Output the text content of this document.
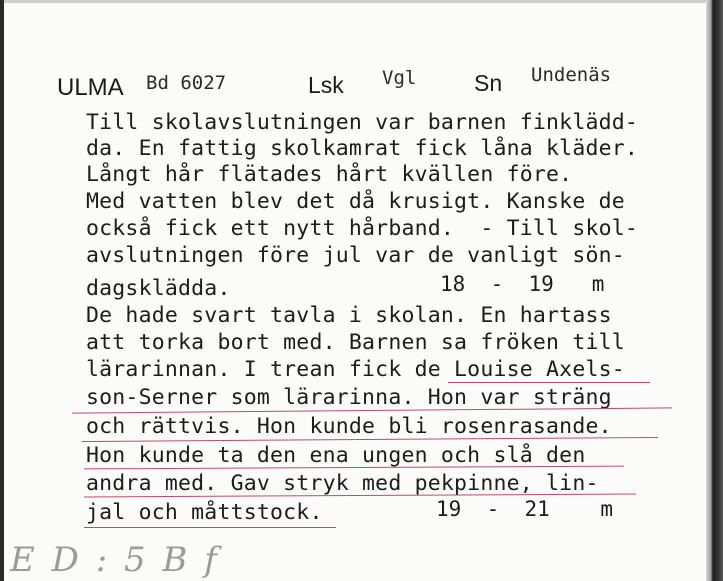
ULMA Bd 6027	Lsk Vgl	Sn Undenäs
Till skolavslutningen var barnen finklädd-
da. En fattig skolkamrat fick låna kläder.
Långt hår flätades hårt kvällen före.
Med vatten blev det då krusigt. Kanske de
också fick ett nytt hårband.  - Till skol-
avslutningen före jul var de vanligt sön-
dagsklädda.	18  -  19   m
De hade svart tavla i skolan. En hartass
att torka bort med. Barnen sa fröken till
lärarinnan. I trean fick de Louise Axels-
son-Serner som lärarinna. Hon var sträng
och rättvis. Hon kunde bli rosenrasande.
Hon kunde ta den ena ungen och slå den
andra med. Gav stryk med pekpinne, lin-
jal och måttstock.	19  -  21    m
E D : 5 B f
